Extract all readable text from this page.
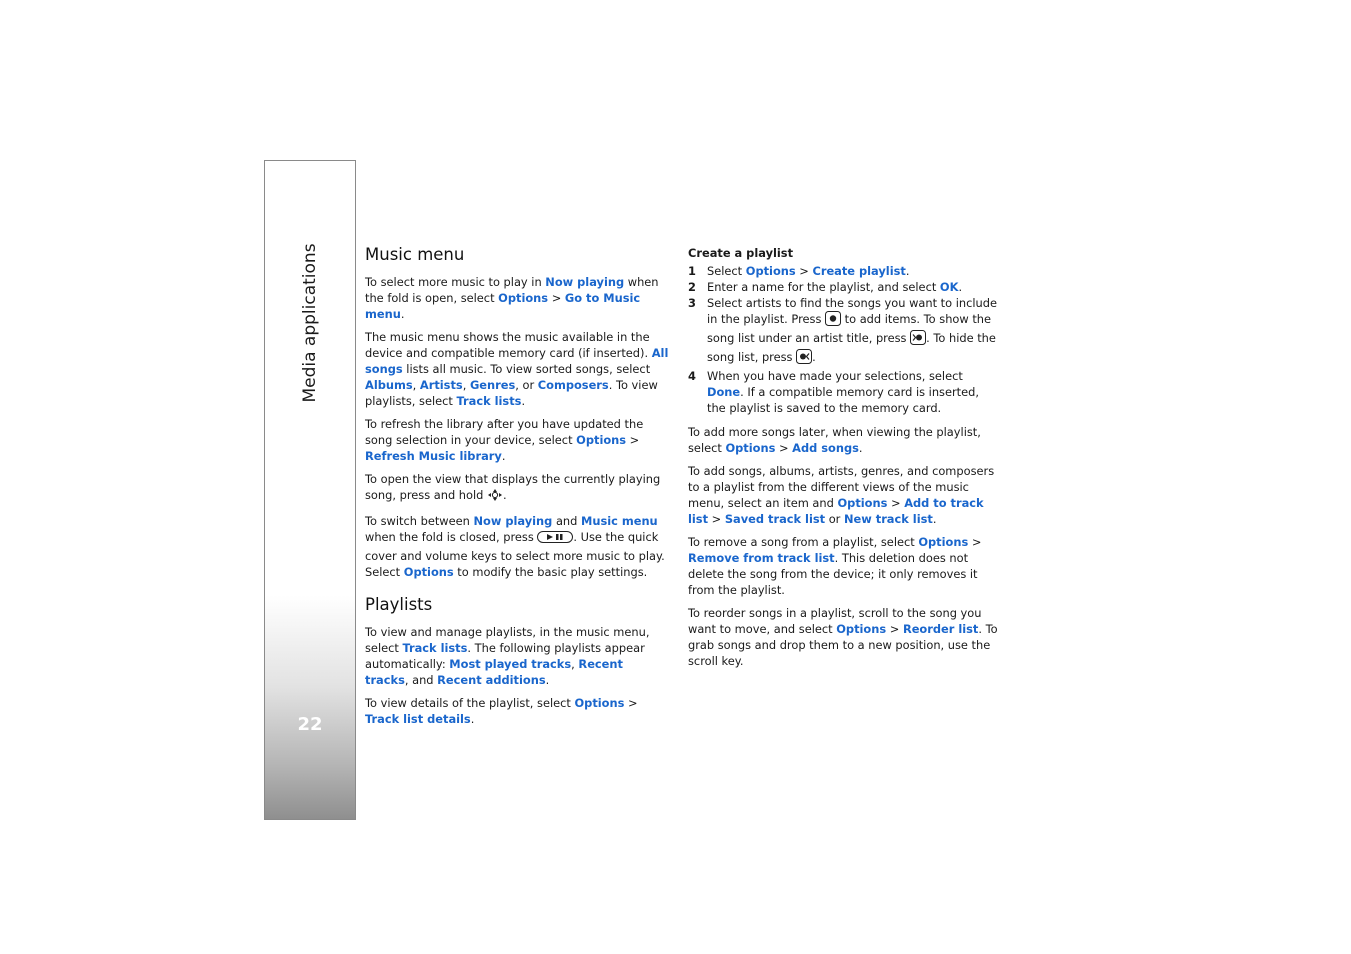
Media applications
22
Music menu

To select more music to play in Now playing when the fold is open, select Options > Go to Music menu.

The music menu shows the music available in the device and compatible memory card (if inserted). All songs lists all music. To view sorted songs, select Albums, Artists, Genres, or Composers. To view playlists, select Track lists.

To refresh the library after you have updated the song selection in your device, select Options > Refresh Music library.

To open the view that displays the currently playing song, press and hold .

To switch between Now playing and Music menu when the fold is closed, press	. Use the quick cover and volume keys to select more music to play. Select Options to modify the basic play settings.

Playlists

To view and manage playlists, in the music menu, select Track lists. The following playlists appear automatically: Most played tracks, Recent tracks, and Recent additions.

To view details of the playlist, select Options > Track list details.

Create a playlist
1 Select Options > Create playlist.
2 Enter a name for the playlist, and select OK.
3 Select artists to find the songs you want to include in the playlist. Press  to add items. To show the song list under an artist title, press . To hide the song list, press .
4 When you have made your selections, select Done. If a compatible memory card is inserted, the playlist is saved to the memory card.

To add more songs later, when viewing the playlist, select Options > Add songs.

To add songs, albums, artists, genres, and composers to a playlist from the different views of the music menu, select an item and Options > Add to track list > Saved track list or New track list.

To remove a song from a playlist, select Options > Remove from track list. This deletion does not delete the song from the device; it only removes it from the playlist.

To reorder songs in a playlist, scroll to the song you want to move, and select Options > Reorder list. To grab songs and drop them to a new position, use the scroll key.
